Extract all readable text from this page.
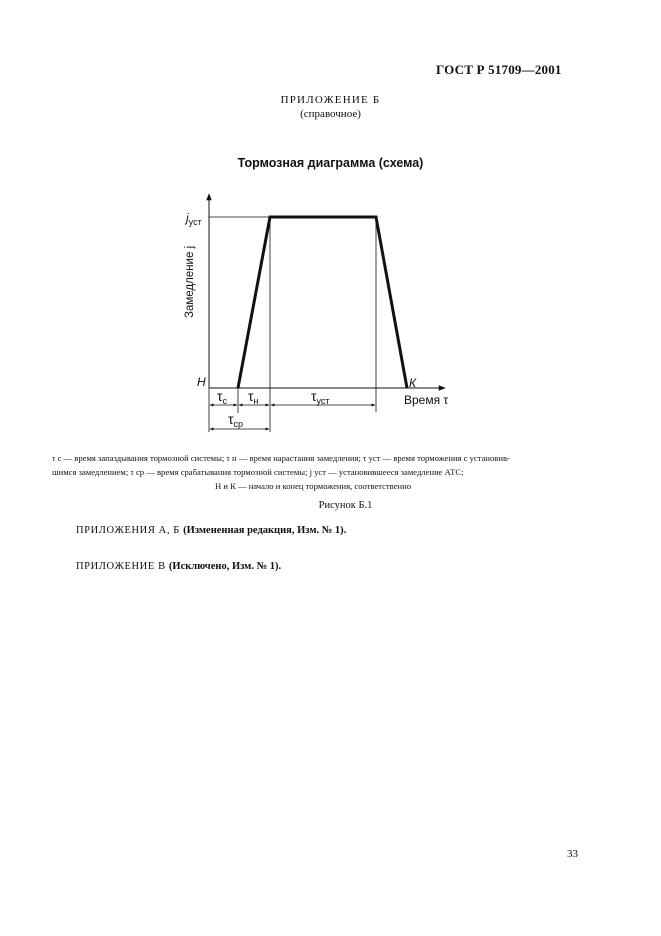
ГОСТ Р 51709—2001
ПРИЛОЖЕНИЕ Б
(справочное)
Тормозная диаграмма (схема)
$j_{уст}$
Замедление j
Н	К
Время τ
$\tau_с$ $\tau_н$	$\tau_{уст}$
$\tau_{ср}$
τ с — время запаздывания тормозной системы; τ н — время нарастания замедления; τ уст — время торможения с установив-
шимся замедлением; τ ср — время срабатывания тормозной системы; j уст — установившееся замедление АТС;
Н и К — начало и конец торможения, соответственно
Рисунок Б.1
ПРИЛОЖЕНИЯ А, Б (Измененная редакция, Изм. № 1).
ПРИЛОЖЕНИЕ В (Исключено, Изм. № 1).
33
